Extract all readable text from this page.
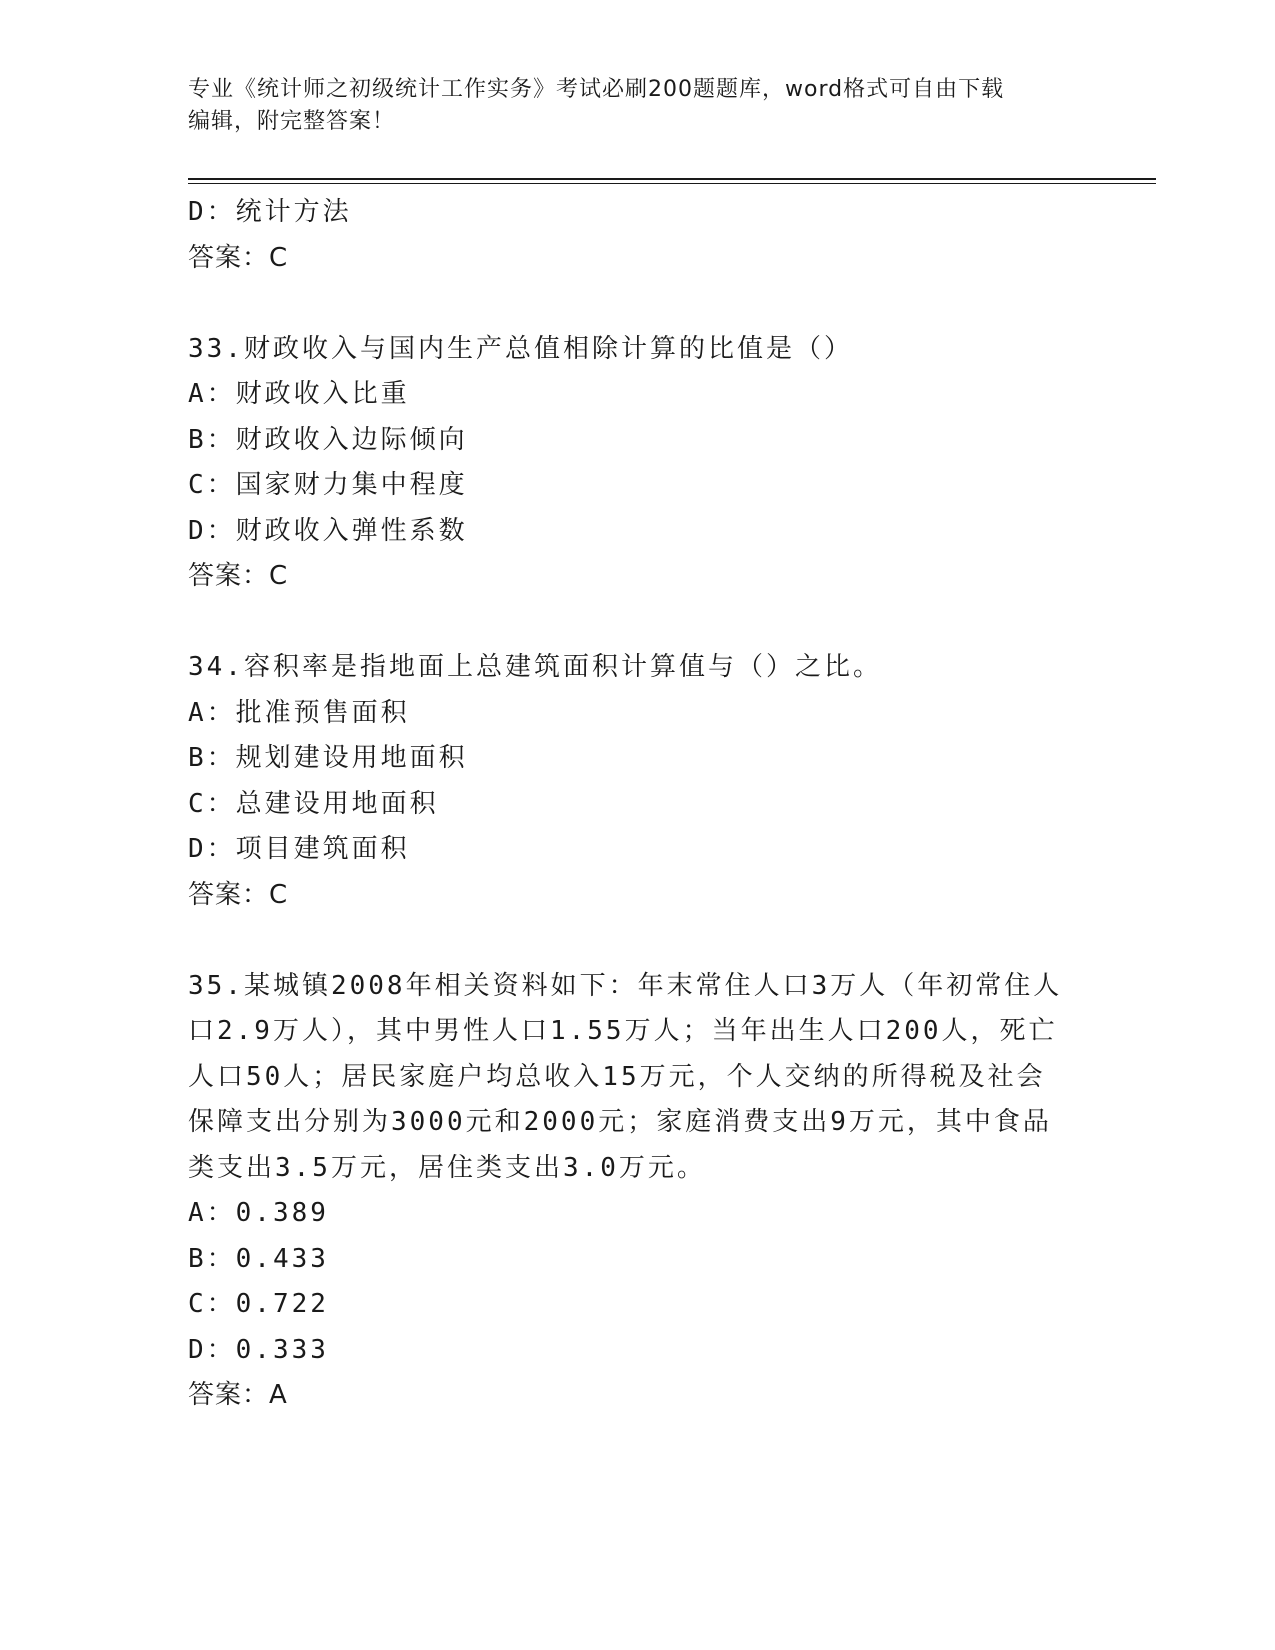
专业《统计师之初级统计工作实务》考试必刷200题题库，word格式可自由下载
编辑，附完整答案！
D：统计方法
答案：C
33.财政收入与国内生产总值相除计算的比值是（）
A：财政收入比重
B：财政收入边际倾向
C：国家财力集中程度
D：财政收入弹性系数
答案：C
34.容积率是指地面上总建筑面积计算值与（）之比。
A：批准预售面积
B：规划建设用地面积
C：总建设用地面积
D：项目建筑面积
答案：C
35.某城镇2008年相关资料如下：年末常住人口3万人（年初常住人
口2.9万人），其中男性人口1.55万人；当年出生人口200人，死亡
人口50人；居民家庭户均总收入15万元，个人交纳的所得税及社会
保障支出分别为3000元和2000元；家庭消费支出9万元，其中食品
类支出3.5万元，居住类支出3.0万元。
A：0.389
B：0.433
C：0.722
D：0.333
答案：A
